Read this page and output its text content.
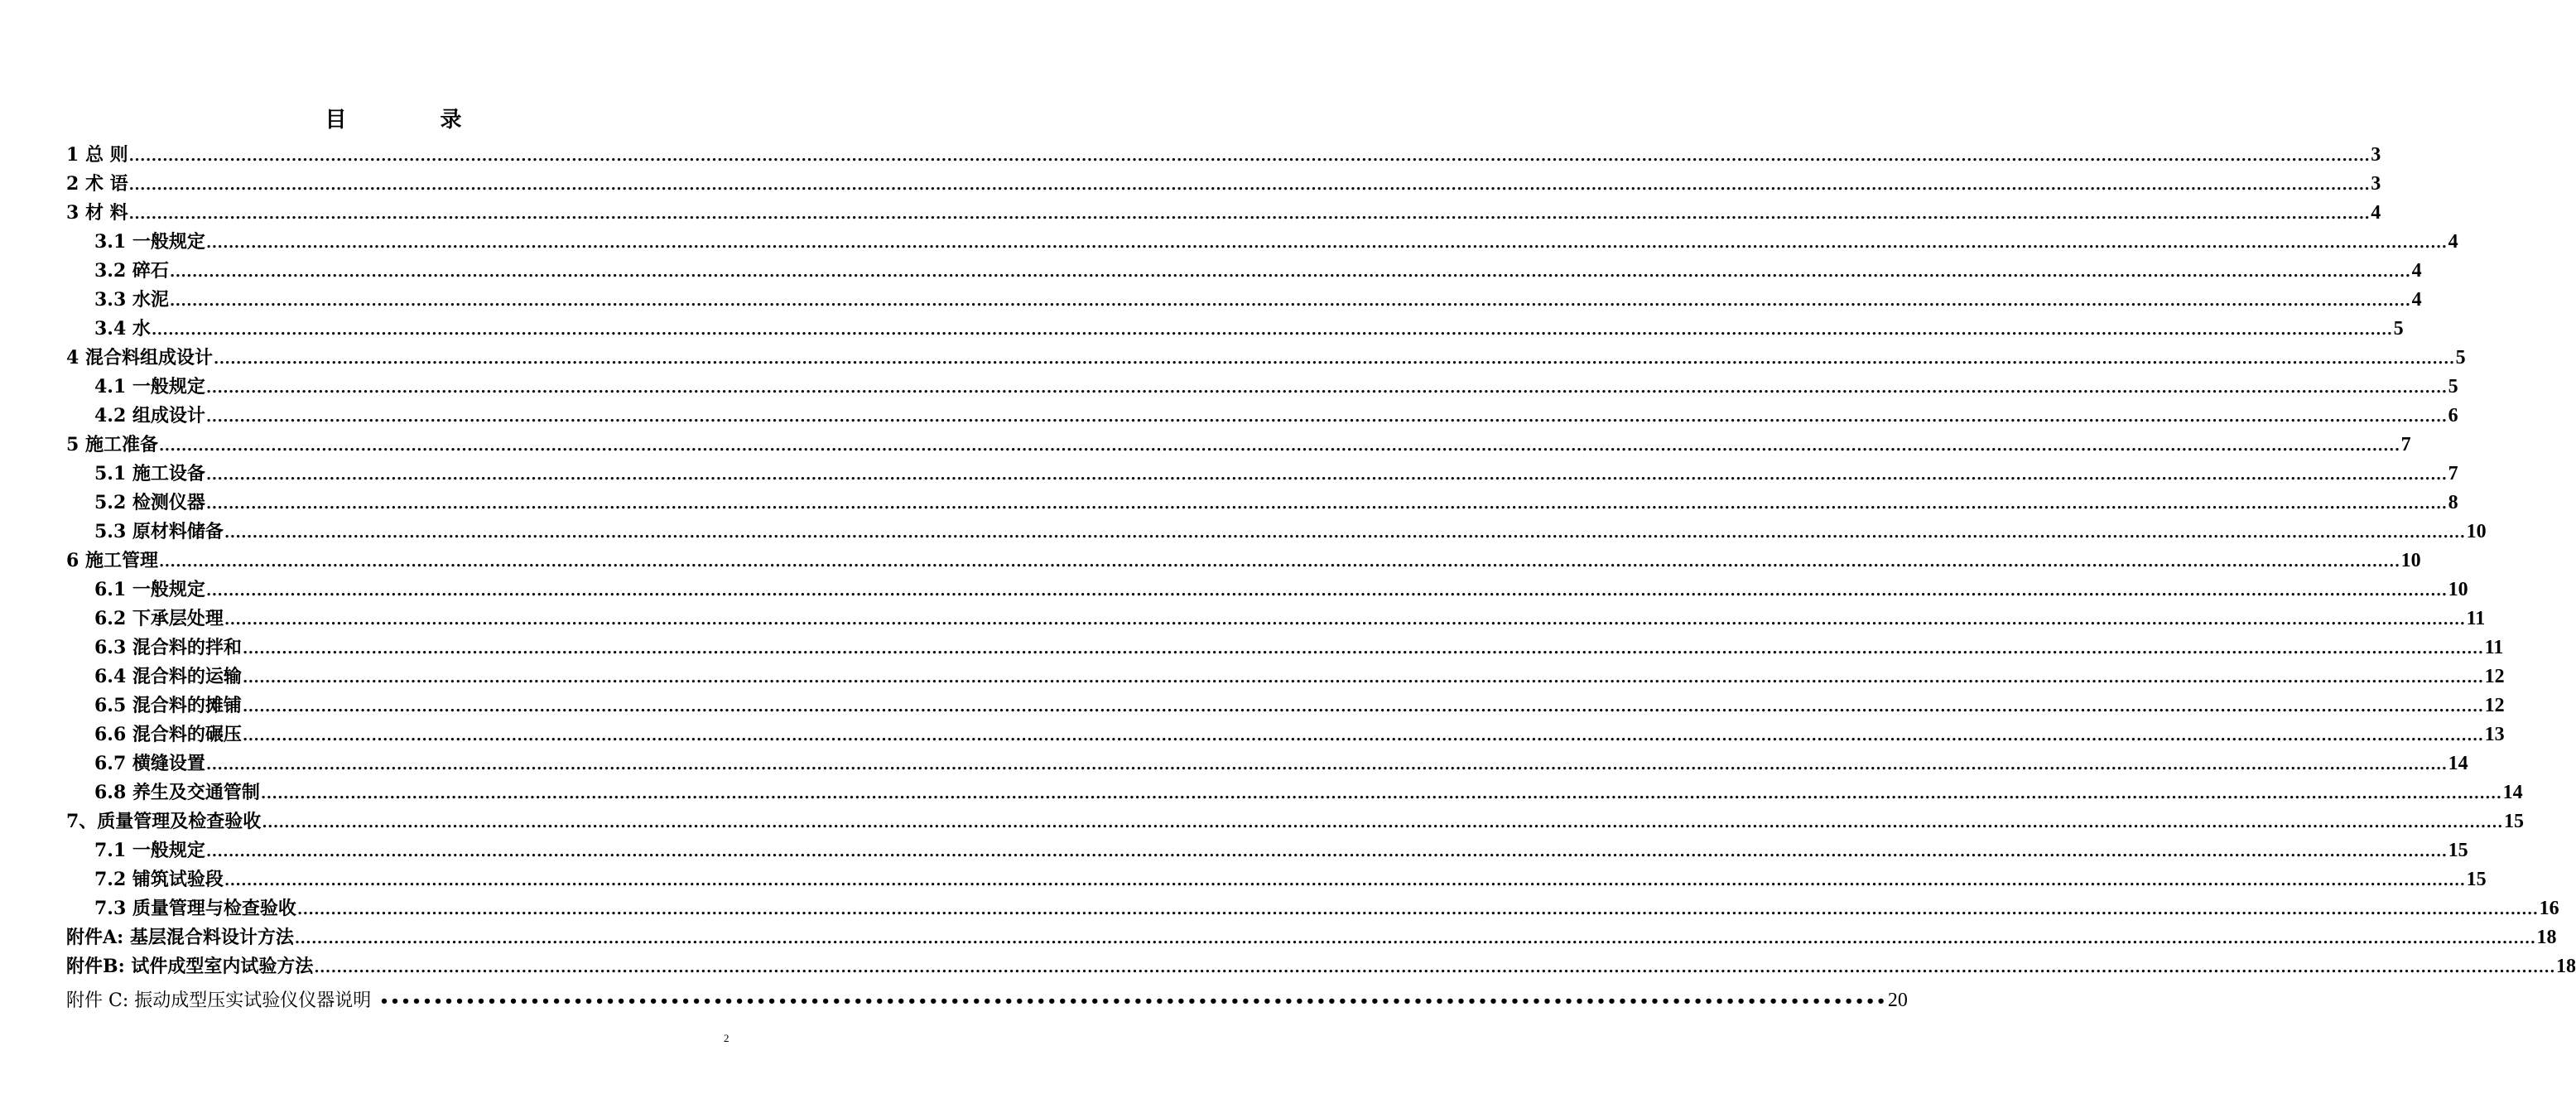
目 录
1 总 则 ................................................................................................................................................................................................................................................................................................................................................................................................................ 3
2 术 语 ................................................................................................................................................................................................................................................................................................................................................................................................................ 3
3 材 料 ................................................................................................................................................................................................................................................................................................................................................................................................................ 4
3.1 一般规定 ................................................................................................................................................................................................................................................................................................................................................................................................................ 4
3.2 碎石 ................................................................................................................................................................................................................................................................................................................................................................................................................ 4
3.3 水泥 ................................................................................................................................................................................................................................................................................................................................................................................................................ 4
3.4 水 ................................................................................................................................................................................................................................................................................................................................................................................................................ 5
4 混合料组成设计 ................................................................................................................................................................................................................................................................................................................................................................................................................ 5
4.1 一般规定 ................................................................................................................................................................................................................................................................................................................................................................................................................ 5
4.2 组成设计 ................................................................................................................................................................................................................................................................................................................................................................................................................ 6
5 施工准备 ................................................................................................................................................................................................................................................................................................................................................................................................................ 7
5.1 施工设备 ................................................................................................................................................................................................................................................................................................................................................................................................................ 7
5.2 检测仪器 ................................................................................................................................................................................................................................................................................................................................................................................................................ 8
5.3 原材料储备 ................................................................................................................................................................................................................................................................................................................................................................................................................ 10
6 施工管理 ................................................................................................................................................................................................................................................................................................................................................................................................................ 10
6.1 一般规定 ................................................................................................................................................................................................................................................................................................................................................................................................................ 10
6.2 下承层处理 ................................................................................................................................................................................................................................................................................................................................................................................................................ 11
6.3 混合料的拌和 ................................................................................................................................................................................................................................................................................................................................................................................................................ 11
6.4 混合料的运输 ................................................................................................................................................................................................................................................................................................................................................................................................................ 12
6.5 混合料的摊铺 ................................................................................................................................................................................................................................................................................................................................................................................................................ 12
6.6 混合料的碾压 ................................................................................................................................................................................................................................................................................................................................................................................................................ 13
6.7 横缝设置 ................................................................................................................................................................................................................................................................................................................................................................................................................ 14
6.8 养生及交通管制 ................................................................................................................................................................................................................................................................................................................................................................................................................ 14
7、质量管理及检查验收 ................................................................................................................................................................................................................................................................................................................................................................................................................ 15
7.1 一般规定 ................................................................................................................................................................................................................................................................................................................................................................................................................ 15
7.2 铺筑试验段 ................................................................................................................................................................................................................................................................................................................................................................................................................ 15
7.3 质量管理与检查验收 ................................................................................................................................................................................................................................................................................................................................................................................................................ 16
附件A: 基层混合料设计方法 ................................................................................................................................................................................................................................................................................................................................................................................................................ 18
附件B: 试件成型室内试验方法 ................................................................................................................................................................................................................................................................................................................................................................................................................ 18
附件 C: 振动成型压实试验仪仪器说明 •••••••••••••••••••••••••••••••••••••••••••••••••••••••••••••••••••••••••••••••••••••••••••••••••••••••••••••••••••••••••••••••••••••••••••• 20
2
